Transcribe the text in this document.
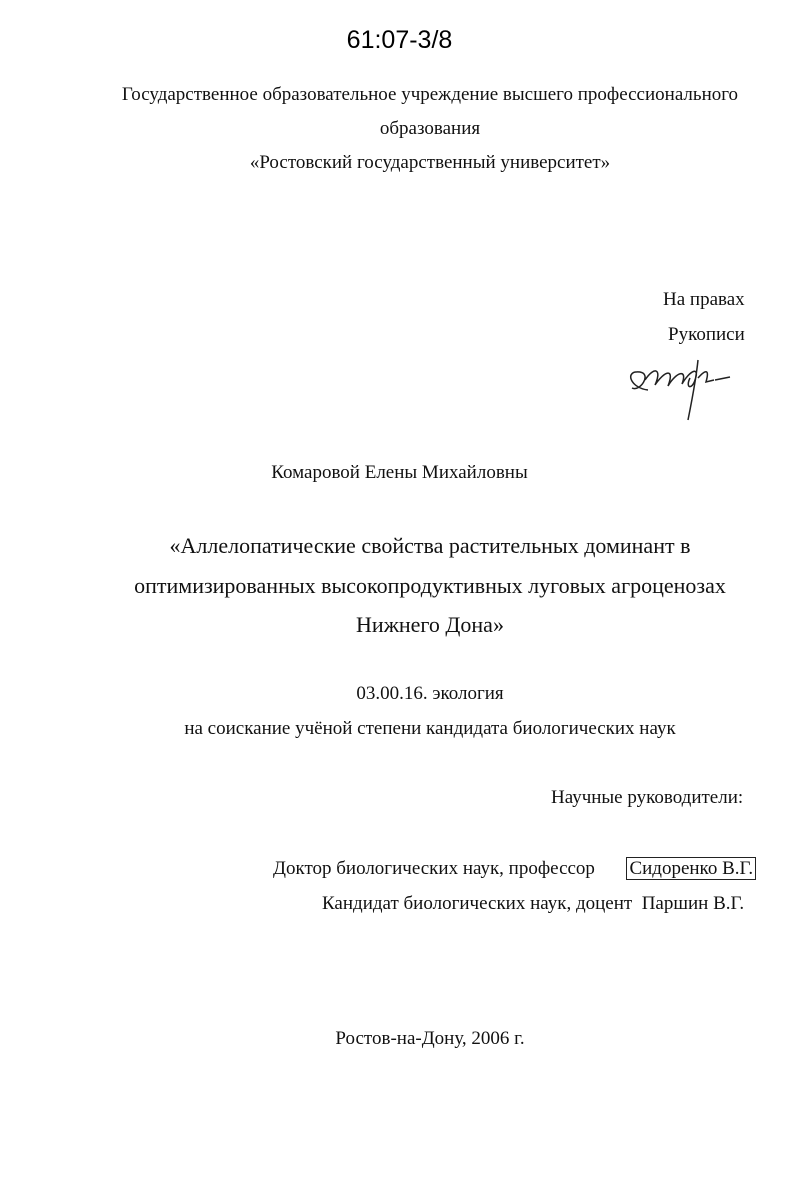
61:07-3/8
Государственное образовательное учреждение высшего профессионального
образования
«Ростовский государственный университет»
На правах
Рукописи
Комаровой Елены Михайловны
«Аллелопатические свойства растительных доминант в
оптимизированных высокопродуктивных луговых агроценозах
Нижнего Дона»
03.00.16. экология
на соискание учёной степени кандидата биологических наук
Научные руководители:
Доктор биологических наук, профессор Сидоренко В.Г.
Кандидат биологических наук, доцент Паршин В.Г.
Ростов-на-Дону, 2006 г.
